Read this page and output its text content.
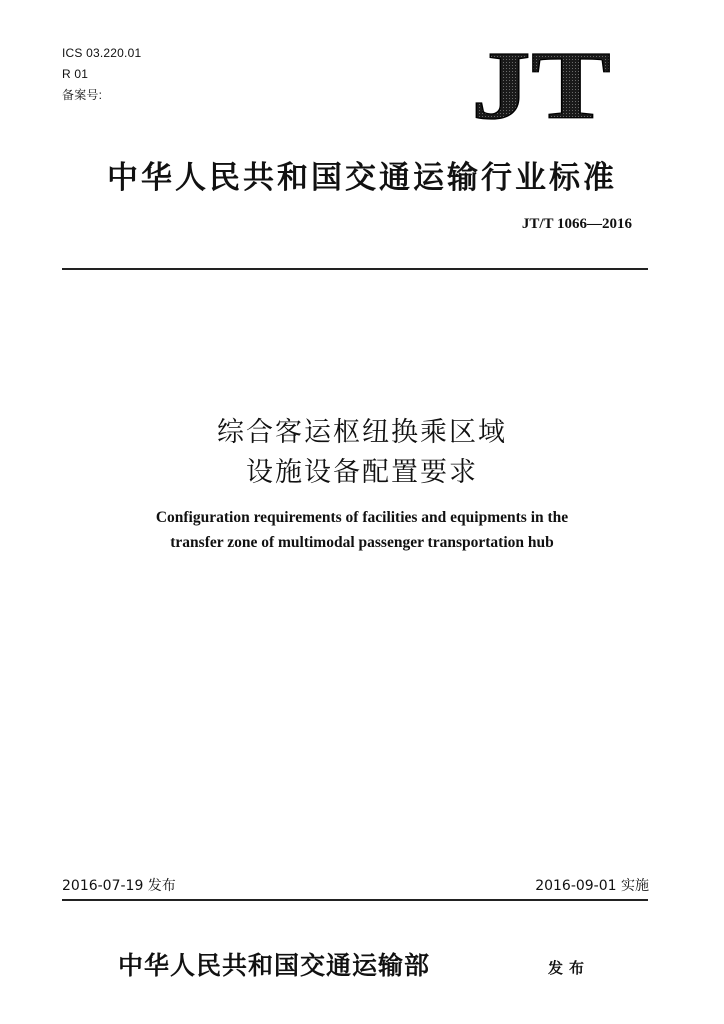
ICS 03.220.01
R 01
备案号:	JT
中华人民共和国交通运输行业标准
JT/T 1066—2016
综合客运枢纽换乘区域
设施设备配置要求
Configuration requirements of facilities and equipments in the
transfer zone of multimodal passenger transportation hub
2016-07-19 发布	2016-09-01 实施
中华人民共和国交通运输部	发布
